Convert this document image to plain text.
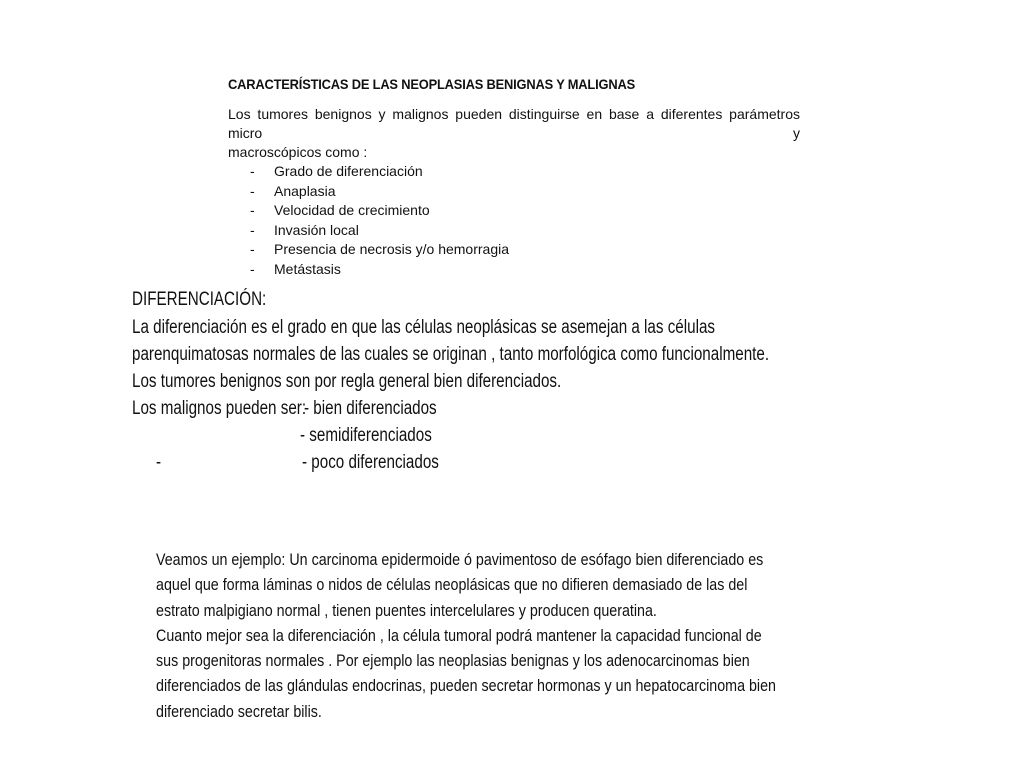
CARACTERÍSTICAS DE LAS NEOPLASIAS BENIGNAS Y MALIGNAS
Los tumores benignos y malignos pueden distinguirse en base a diferentes parámetros micro y
macroscópicos como :
- Grado de diferenciación
- Anaplasia
- Velocidad de crecimiento
- Invasión local
- Presencia de necrosis y/o hemorragia
- Metástasis
DIFERENCIACIÓN:
La diferenciación es el grado en que las células neoplásicas se asemejan a las células
parenquimatosas normales de las cuales se originan , tanto morfológica como funcionalmente.
Los tumores benignos son por regla general bien diferenciados.
Los malignos pueden ser:
- bien diferenciados
- semidiferenciados
-	- poco diferenciados
Veamos un ejemplo: Un carcinoma epidermoide ó pavimentoso de esófago bien diferenciado es
aquel que forma láminas o nidos de células neoplásicas que no difieren demasiado de las del
estrato malpigiano normal , tienen puentes intercelulares y producen queratina.
Cuanto mejor sea la diferenciación , la célula tumoral podrá mantener la capacidad funcional de
sus progenitoras normales . Por ejemplo las neoplasias benignas y los adenocarcinomas bien
diferenciados de las glándulas endocrinas, pueden secretar hormonas y un hepatocarcinoma bien
diferenciado secretar bilis.
